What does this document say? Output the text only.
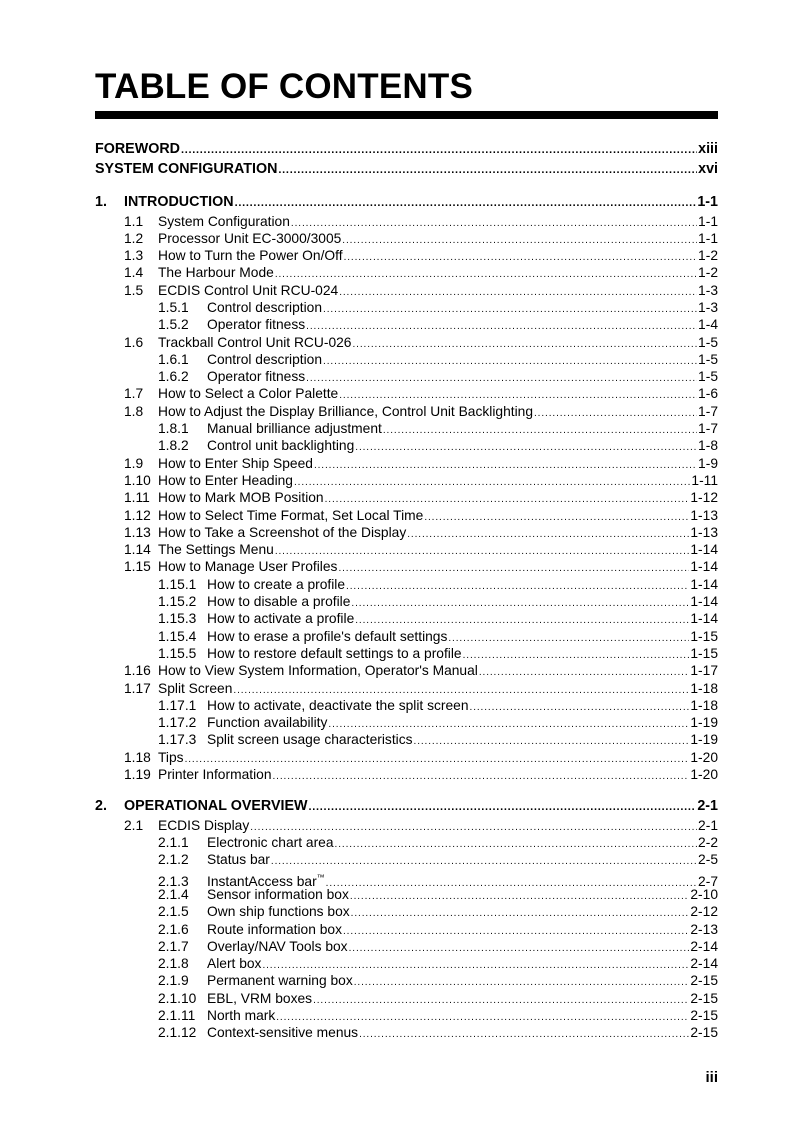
TABLE OF CONTENTS
FOREWORD .....	xiii
SYSTEM CONFIGURATION .....	xvi
1.	INTRODUCTION .....	1-1
1.1	System Configuration .....	1-1
1.2	Processor Unit EC-3000/3005 .....	1-1
1.3	How to Turn the Power On/Off .....	1-2
1.4	The Harbour Mode .....	1-2
1.5	ECDIS Control Unit RCU-024 .....	1-3
1.5.1	Control description .....	1-3
1.5.2	Operator fitness .....	1-4
1.6	Trackball Control Unit RCU-026 .....	1-5
1.6.1	Control description .....	1-5
1.6.2	Operator fitness .....	1-5
1.7	How to Select a Color Palette .....	1-6
1.8	How to Adjust the Display Brilliance, Control Unit Backlighting .....	1-7
1.8.1	Manual brilliance adjustment .....	1-7
1.8.2	Control unit backlighting .....	1-8
1.9	How to Enter Ship Speed .....	1-9
1.10 How to Enter Heading .....	1-11
1.11 How to Mark MOB Position .....	1-12
1.12 How to Select Time Format, Set Local Time .....	1-13
1.13 How to Take a Screenshot of the Display .....	1-13
1.14 The Settings Menu .....	1-14
1.15 How to Manage User Profiles .....	1-14
1.15.1 How to create a profile .....	1-14
1.15.2 How to disable a profile .....	1-14
1.15.3 How to activate a profile .....	1-14
1.15.4 How to erase a profile's default settings .....	1-15
1.15.5 How to restore default settings to a profile .....	1-15
1.16 How to View System Information, Operator's Manual .....	1-17
1.17 Split Screen .....	1-18
1.17.1 How to activate, deactivate the split screen .....	1-18
1.17.2 Function availability .....	1-19
1.17.3 Split screen usage characteristics .....	1-19
1.18 Tips .....	1-20
1.19 Printer Information .....	1-20
2.	OPERATIONAL OVERVIEW .....	2-1
2.1	ECDIS Display .....	2-1
2.1.1	Electronic chart area .....	2-2
2.1.2	Status bar .....	2-5
2.1.3	InstantAccess bar™ .....	2-7
2.1.4	Sensor information box .....	2-10
2.1.5	Own ship functions box .....	2-12
2.1.6	Route information box .....	2-13
2.1.7	Overlay/NAV Tools box .....	2-14
2.1.8	Alert box .....	2-14
2.1.9	Permanent warning box .....	2-15
2.1.10 EBL, VRM boxes .....	2-15
2.1.11 North mark .....	2-15
2.1.12 Context-sensitive menus .....	2-15
iii
